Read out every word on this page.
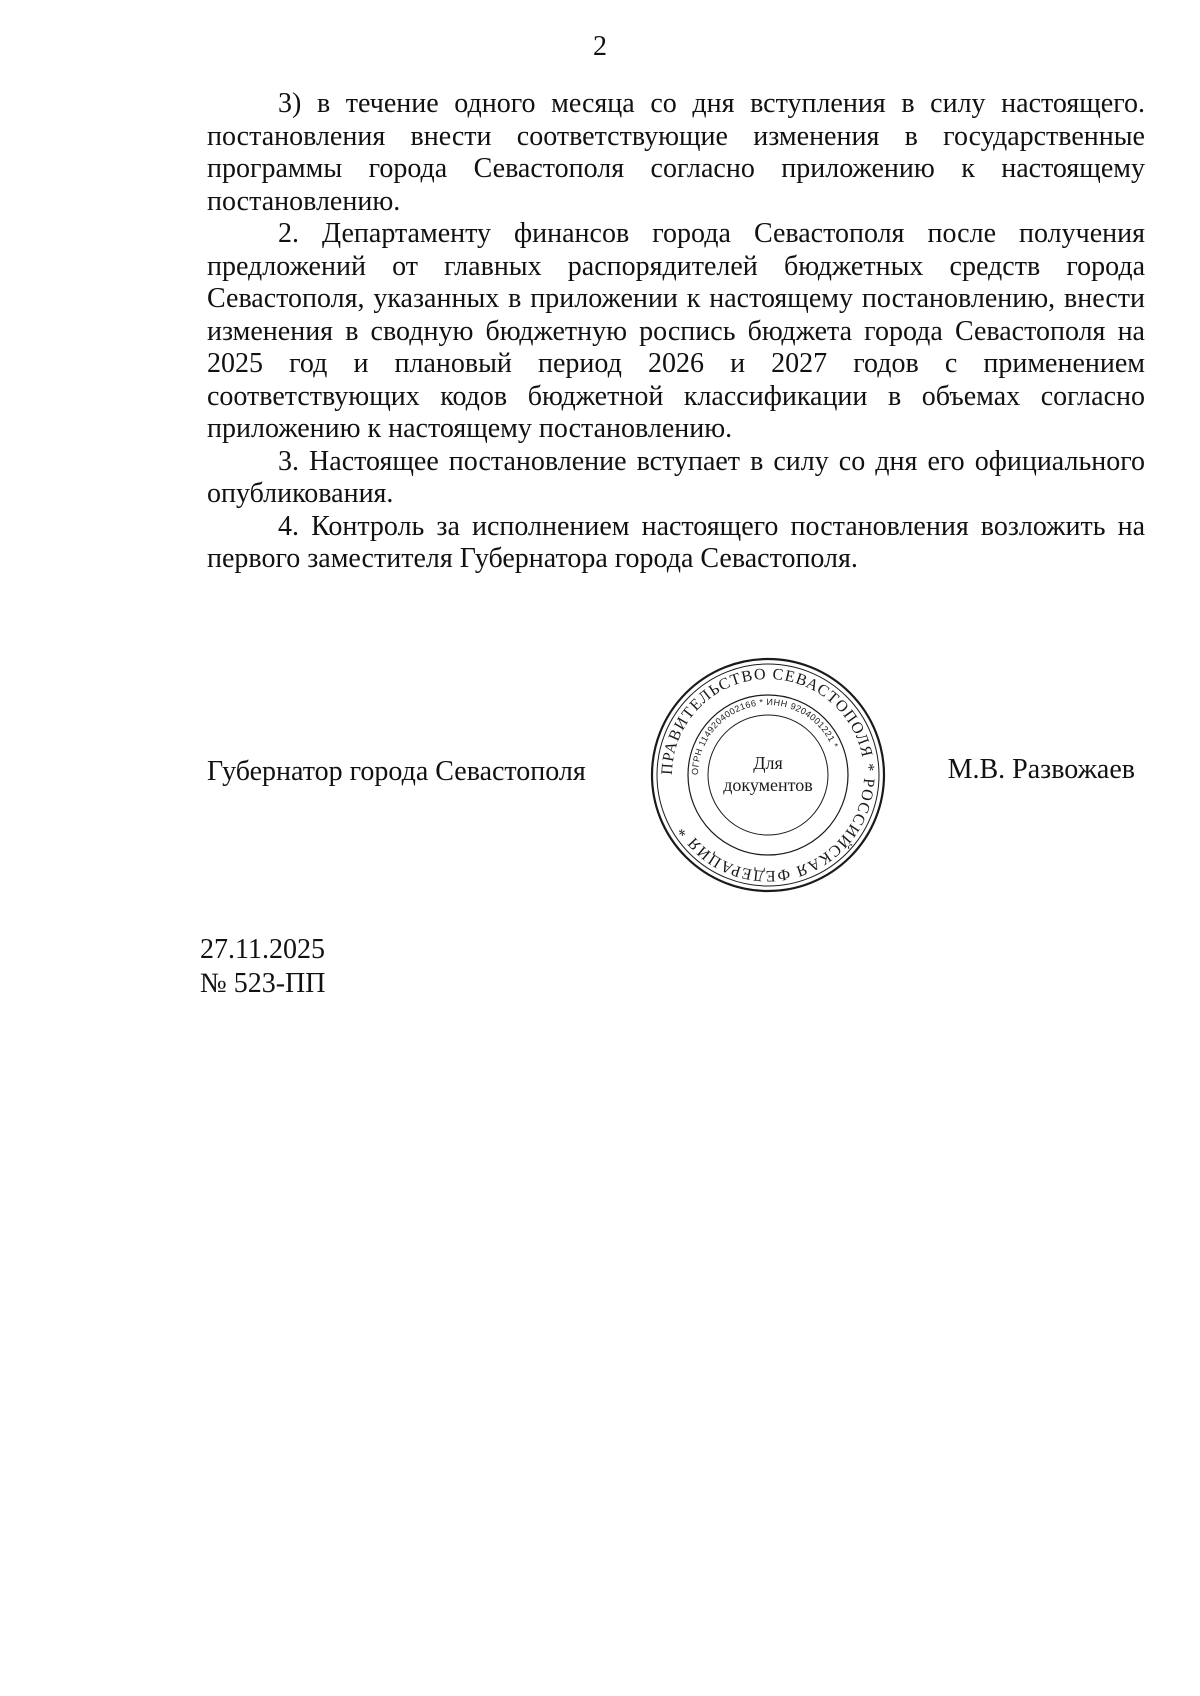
2

3) в течение одного месяца со дня вступления в силу настоящего. постановления внести соответствующие изменения в государственные программы города Севастополя согласно приложению к настоящему постановлению.

2. Департаменту финансов города Севастополя после получения предложений от главных распорядителей бюджетных средств города Севастополя, указанных в приложении к настоящему постановлению, внести изменения в сводную бюджетную роспись бюджета города Севастополя на 2025 год и плановый период 2026 и 2027 годов с применением соответствующих кодов бюджетной классификации в объемах согласно приложению к настоящему постановлению.

3. Настоящее постановление вступает в силу со дня его официального опубликования.

4. Контроль за исполнением настоящего постановления возложить на первого заместителя Губернатора города Севастополя.

Губернатор города Севастополя	ПРАВИТЕЛЬСТВО СЕВАСТОПОЛЯ * РОССИЙСКАЯ ФЕДЕРАЦИЯ *
ОГРН 1149204002166 * ИНН 9204001221 *
Для
документов	М.В. Развожаев
27.11.2025
№ 523-ПП
